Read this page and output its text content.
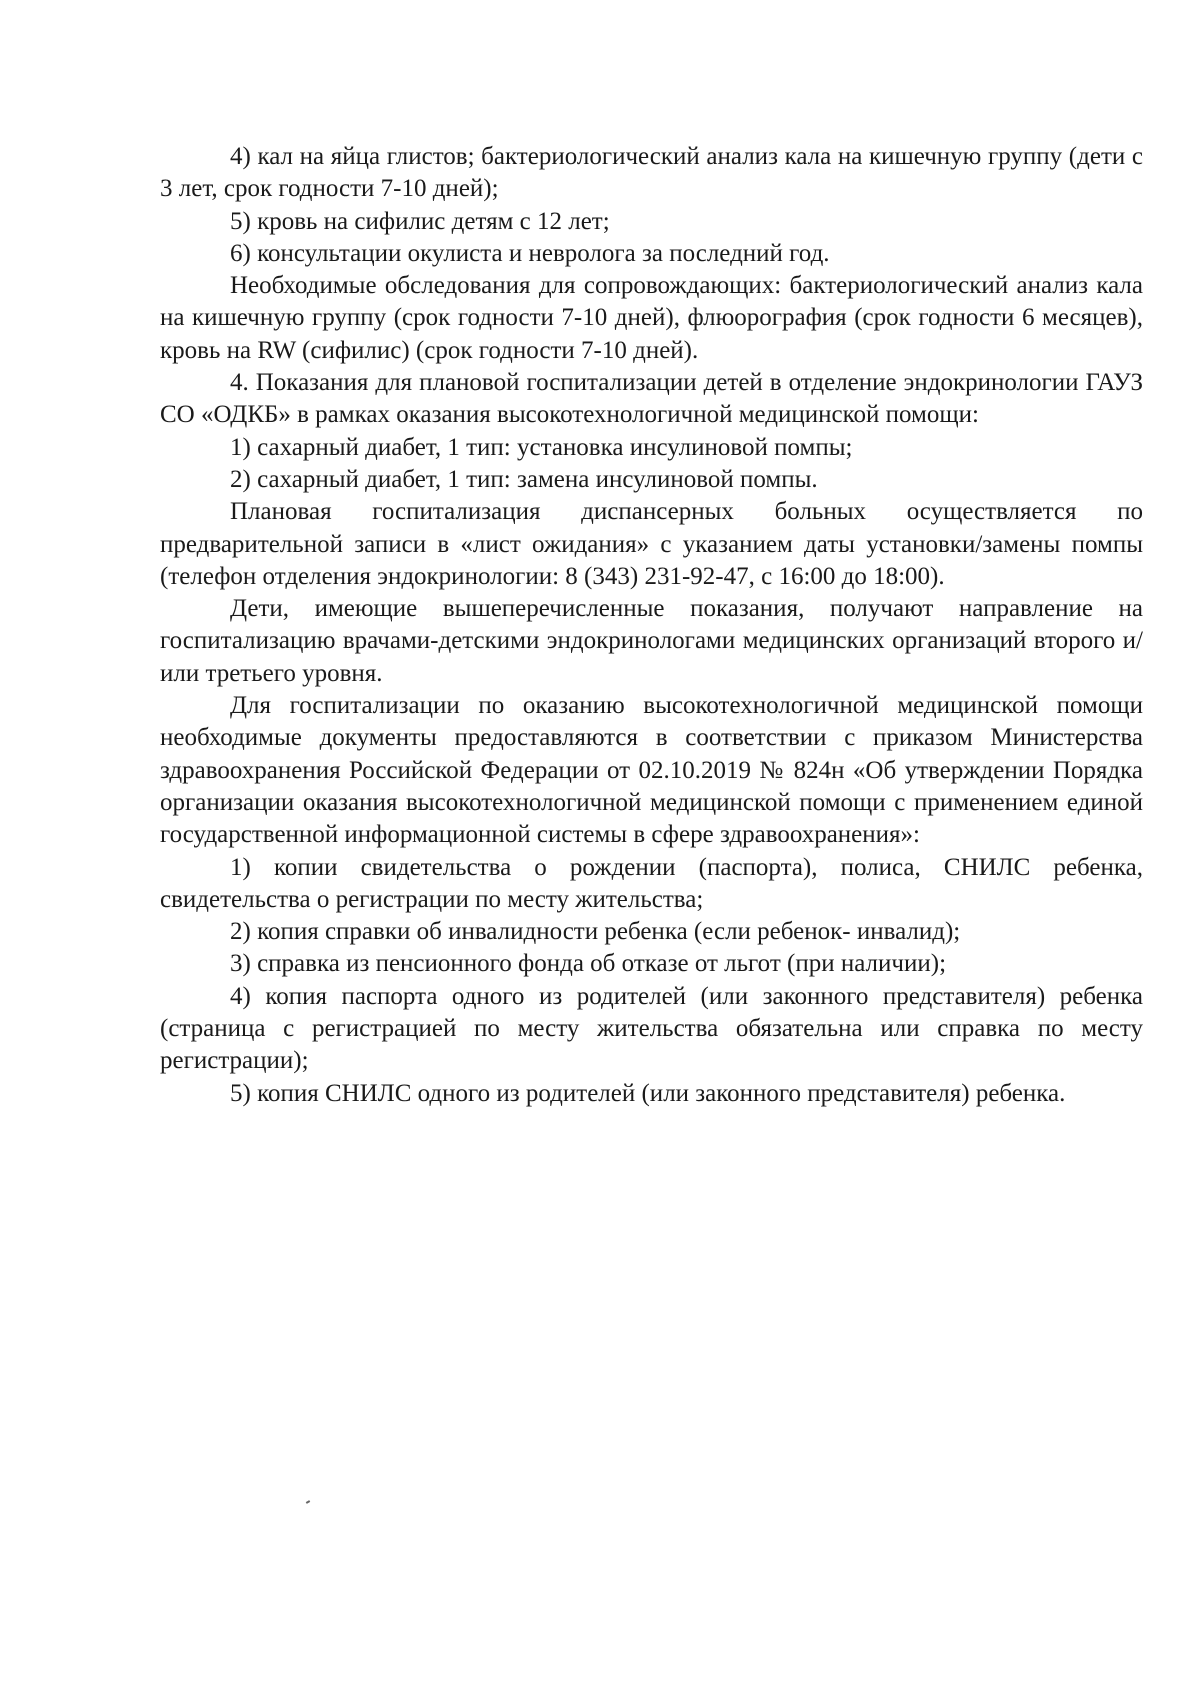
4) кал на яйца глистов; бактериологический анализ кала на кишечную группу (дети с 3 лет, срок годности 7-10 дней);

5) кровь на сифилис детям с 12 лет;

6) консультации окулиста и невролога за последний год.

Необходимые обследования для сопровождающих: бактериологический анализ кала на кишечную группу (срок годности 7-10 дней), флюорография (срок годности 6 месяцев), кровь на RW (сифилис) (срок годности 7-10 дней).

4. Показания для плановой госпитализации детей в отделение эндокринологии ГАУЗ СО «ОДКБ» в рамках оказания высокотехнологичной медицинской помощи:

1) сахарный диабет, 1 тип: установка инсулиновой помпы;

2) сахарный диабет, 1 тип: замена инсулиновой помпы.

Плановая госпитализация диспансерных больных осуществляется по предварительной записи в «лист ожидания» с указанием даты установки/замены помпы (телефон отделения эндокринологии: 8 (343) 231-92-47, с 16:00 до 18:00).

Дети, имеющие вышеперечисленные показания, получают направление на госпитализацию врачами-детскими эндокринологами медицинских организаций второго и/или третьего уровня.

Для госпитализации по оказанию высокотехнологичной медицинской помощи необходимые документы предоставляются в соответствии с приказом Министерства здравоохранения Российской Федерации от 02.10.2019 № 824н «Об утверждении Порядка организации оказания высокотехнологичной медицинской помощи с применением единой государственной информационной системы в сфере здравоохранения»:

1) копии свидетельства о рождении (паспорта), полиса, СНИЛС ребенка, свидетельства о регистрации по месту жительства;

2) копия справки об инвалидности ребенка (если ребенок- инвалид);

3) справка из пенсионного фонда об отказе от льгот (при наличии);

4) копия паспорта одного из родителей (или законного представителя) ребенка (страница с регистрацией по месту жительства обязательна или справка по месту регистрации);

5) копия СНИЛС одного из родителей (или законного представителя) ребенка.
